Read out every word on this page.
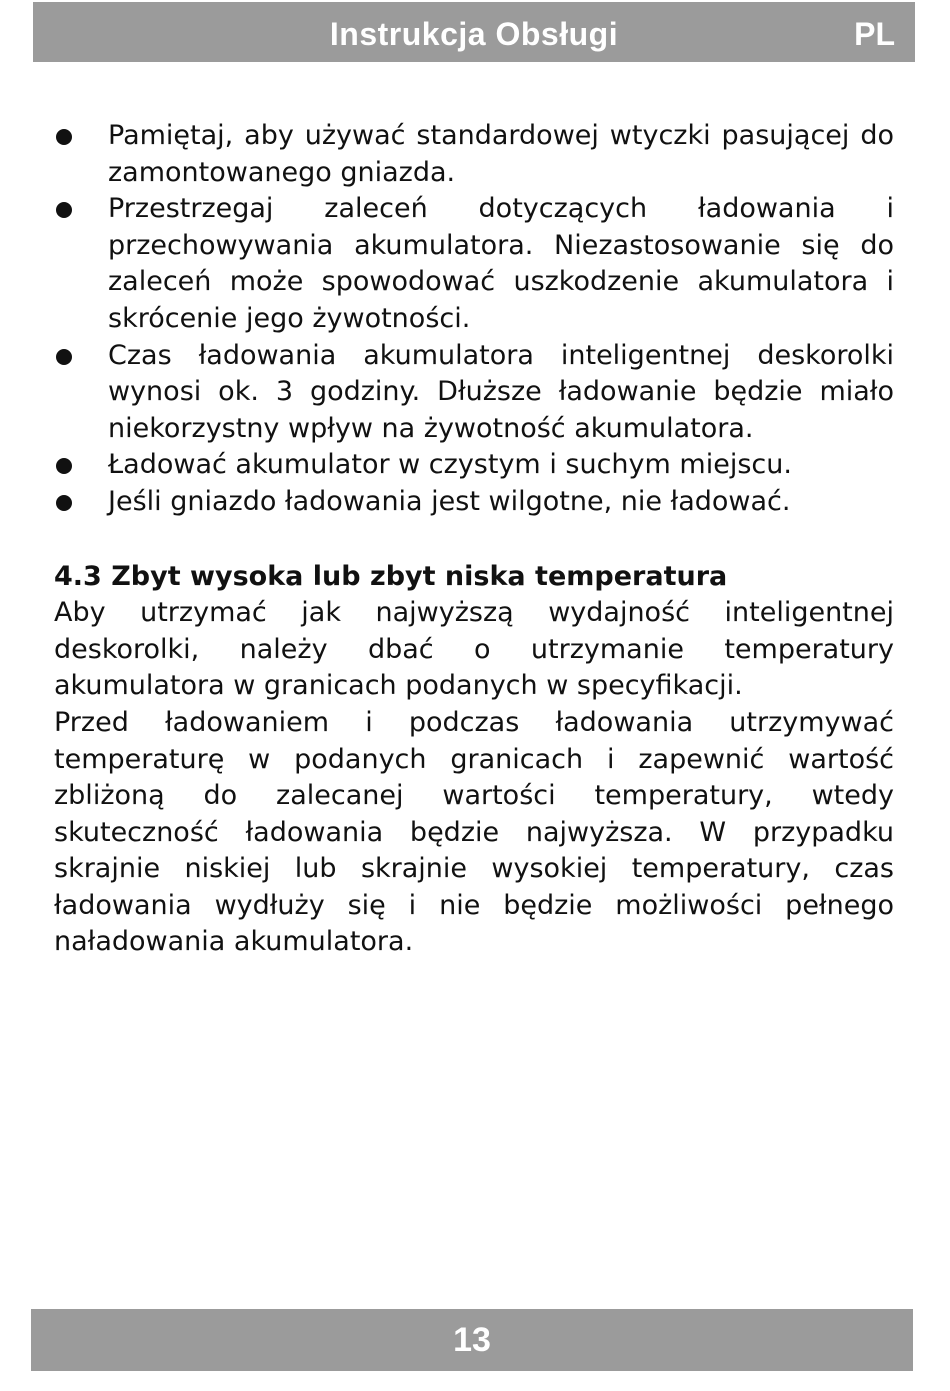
Instrukcja Obsługi	PL
Pamiętaj, aby używać standardowej wtyczki pasującej do zamontowanego gniazda.
Przestrzegaj zaleceń dotyczących ładowania i przechowywania akumulatora. Niezastosowanie się do zaleceń może spowodować uszkodzenie akumulatora i skrócenie jego żywotności.
Czas ładowania akumulatora inteligentnej deskorolki wynosi ok. 3 godziny. Dłuższe ładowanie będzie miało niekorzystny wpływ na żywotność akumulatora.
Ładować akumulator w czystym i suchym miejscu.
Jeśli gniazdo ładowania jest wilgotne, nie ładować.
4.3 Zbyt wysoka lub zbyt niska temperatura

Aby utrzymać jak najwyższą wydajność inteligentnej deskorolki, należy dbać o utrzymanie temperatury akumulatora w granicach podanych w specyfikacji.

Przed ładowaniem i podczas ładowania utrzymywać temperaturę w podanych granicach i zapewnić wartość zbliżoną do zalecanej wartości temperatury, wtedy skuteczność ładowania będzie najwyższa. W przypadku skrajnie niskiej lub skrajnie wysokiej temperatury, czas ładowania wydłuży się i nie będzie możliwości pełnego naładowania akumulatora.

13
